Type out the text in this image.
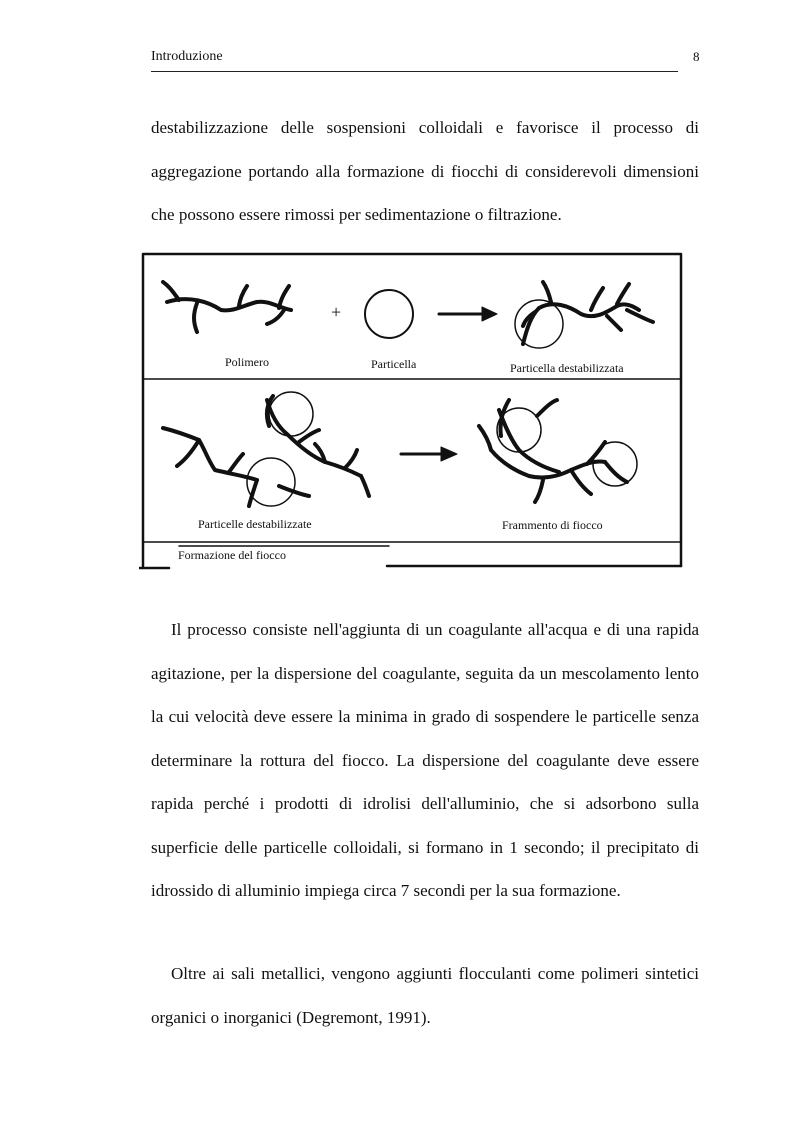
Introduzione	8

destabilizzazione delle sospensioni colloidali e favorisce il processo di aggregazione portando alla formazione di fiocchi di considerevoli dimensioni che possono essere rimossi per sedimentazione o filtrazione.

+
Polimero	Particella	Particella destabilizzata
Particelle destabilizzate	Frammento di fiocco
Formazione del fiocco

Il processo consiste nell'aggiunta di un coagulante all'acqua e di una rapida agitazione, per la dispersione del coagulante, seguita da un mescolamento lento la cui velocità deve essere la minima in grado di sospendere le particelle senza determinare la rottura del fiocco. La dispersione del coagulante deve essere rapida perché i prodotti di idrolisi dell'alluminio, che si adsorbono sulla superficie delle particelle colloidali, si formano in 1 secondo; il precipitato di idrossido di alluminio impiega circa 7 secondi per la sua formazione.

Oltre ai sali metallici, vengono aggiunti flocculanti come polimeri sintetici organici o inorganici (Degremont, 1991).
